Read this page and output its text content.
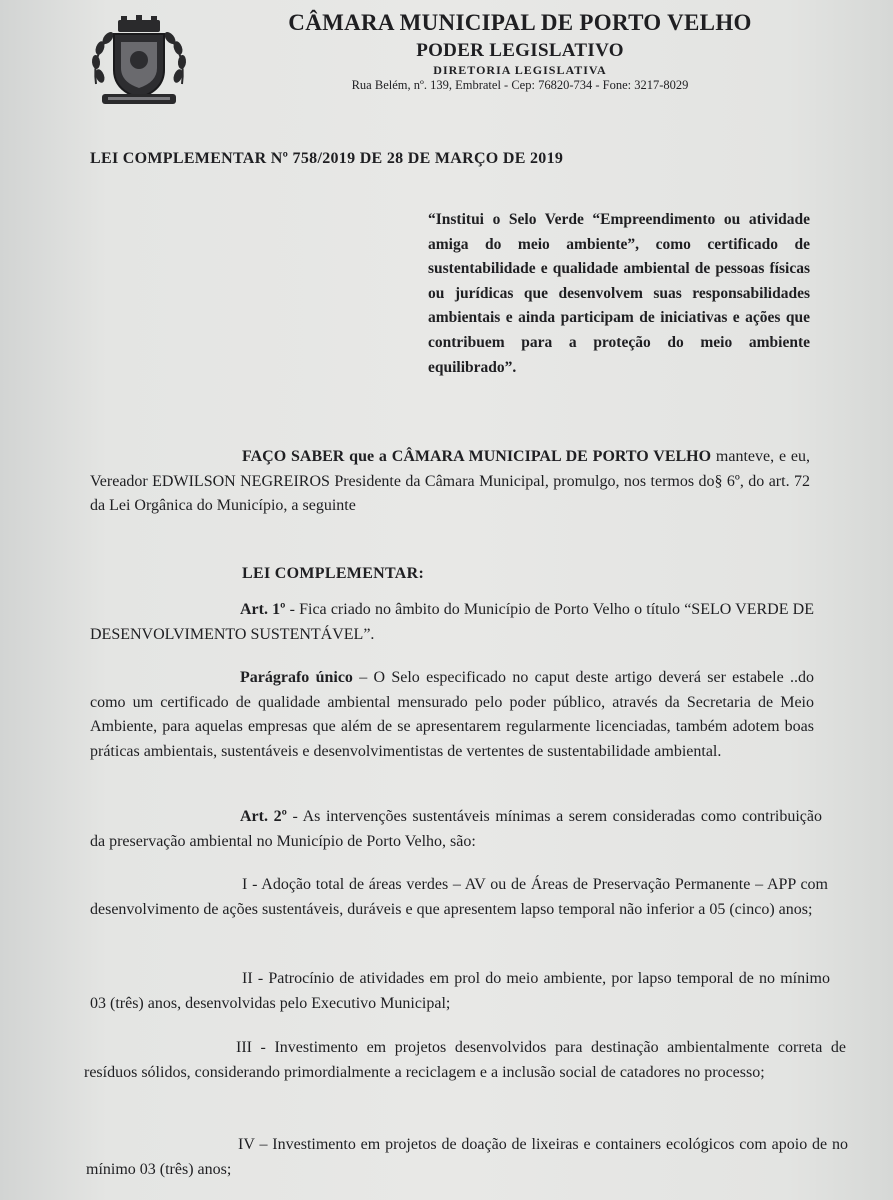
CÂMARA MUNICIPAL DE PORTO VELHO
PODER LEGISLATIVO
DIRETORIA LEGISLATIVA
Rua Belém, nº. 139, Embratel - Cep: 76820-734 - Fone: 3217-8029
LEI COMPLEMENTAR Nº 758/2019 DE 28 DE MARÇO DE 2019
“Institui o Selo Verde “Empreendimento ou atividade amiga do meio ambiente”, como certificado de sustentabilidade e qualidade ambiental de pessoas físicas ou jurídicas que desenvolvem suas responsabilidades ambientais e ainda participam de iniciativas e ações que contribuem para a proteção do meio ambiente equilibrado”.
FAÇO SABER que a CÂMARA MUNICIPAL DE PORTO VELHO manteve, e eu, Vereador EDWILSON NEGREIROS Presidente da Câmara Municipal, promulgo, nos termos do§ 6º, do art. 72 da Lei Orgânica do Município, a seguinte
LEI COMPLEMENTAR:
Art. 1º - Fica criado no âmbito do Município de Porto Velho o título “SELO VERDE DE DESENVOLVIMENTO SUSTENTÁVEL”.
Parágrafo único – O Selo especificado no caput deste artigo deverá ser estabele ..do como um certificado de qualidade ambiental mensurado pelo poder público, através da Secretaria de Meio Ambiente, para aquelas empresas que além de se apresentarem regularmente licenciadas, também adotem boas práticas ambientais, sustentáveis e desenvolvimentistas de vertentes de sustentabilidade ambiental.
Art. 2º - As intervenções sustentáveis mínimas a serem consideradas como contribuição da preservação ambiental no Município de Porto Velho, são:
I - Adoção total de áreas verdes – AV ou de Áreas de Preservação Permanente – APP com desenvolvimento de ações sustentáveis, duráveis e que apresentem lapso temporal não inferior a 05 (cinco) anos;
II - Patrocínio de atividades em prol do meio ambiente, por lapso temporal de no mínimo 03 (três) anos, desenvolvidas pelo Executivo Municipal;
III - Investimento em projetos desenvolvidos para destinação ambientalmente correta de resíduos sólidos, considerando primordialmente a reciclagem e a inclusão social de catadores no processo;
IV – Investimento em projetos de doação de lixeiras e containers ecológicos com apoio de no mínimo 03 (três) anos;
